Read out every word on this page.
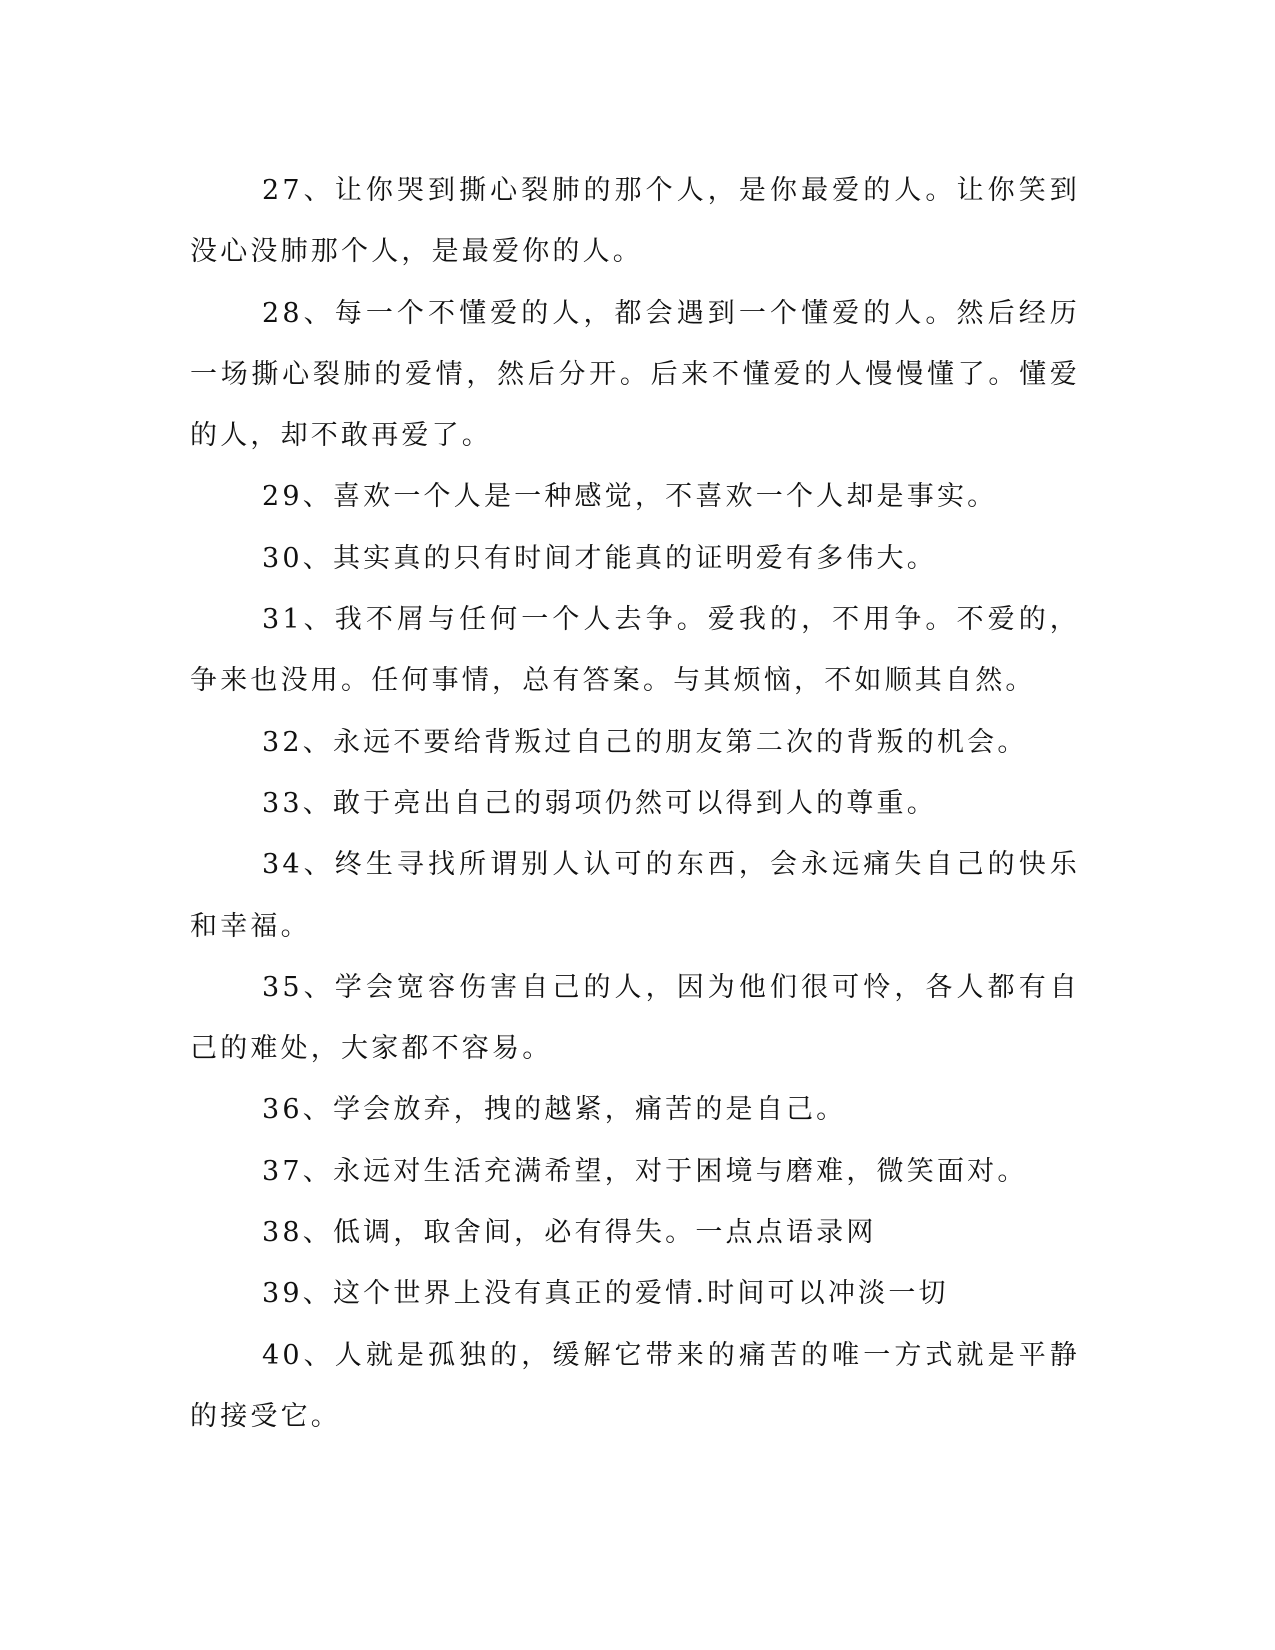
27、让你哭到撕心裂肺的那个人，是你最爱的人。让你笑到没心没肺那个人，是最爱你的人。

28、每一个不懂爱的人，都会遇到一个懂爱的人。然后经历一场撕心裂肺的爱情，然后分开。后来不懂爱的人慢慢懂了。懂爱的人，却不敢再爱了。

29、喜欢一个人是一种感觉，不喜欢一个人却是事实。

30、其实真的只有时间才能真的证明爱有多伟大。

31、我不屑与任何一个人去争。爱我的，不用争。不爱的，争来也没用。任何事情，总有答案。与其烦恼，不如顺其自然。

32、永远不要给背叛过自己的朋友第二次的背叛的机会。

33、敢于亮出自己的弱项仍然可以得到人的尊重。

34、终生寻找所谓别人认可的东西，会永远痛失自己的快乐和幸福。

35、学会宽容伤害自己的人，因为他们很可怜，各人都有自己的难处，大家都不容易。

36、学会放弃，拽的越紧，痛苦的是自己。

37、永远对生活充满希望，对于困境与磨难，微笑面对。

38、低调，取舍间，必有得失。一点点语录网

39、这个世界上没有真正的爱情.时间可以冲淡一切

40、人就是孤独的，缓解它带来的痛苦的唯一方式就是平静的接受它。
